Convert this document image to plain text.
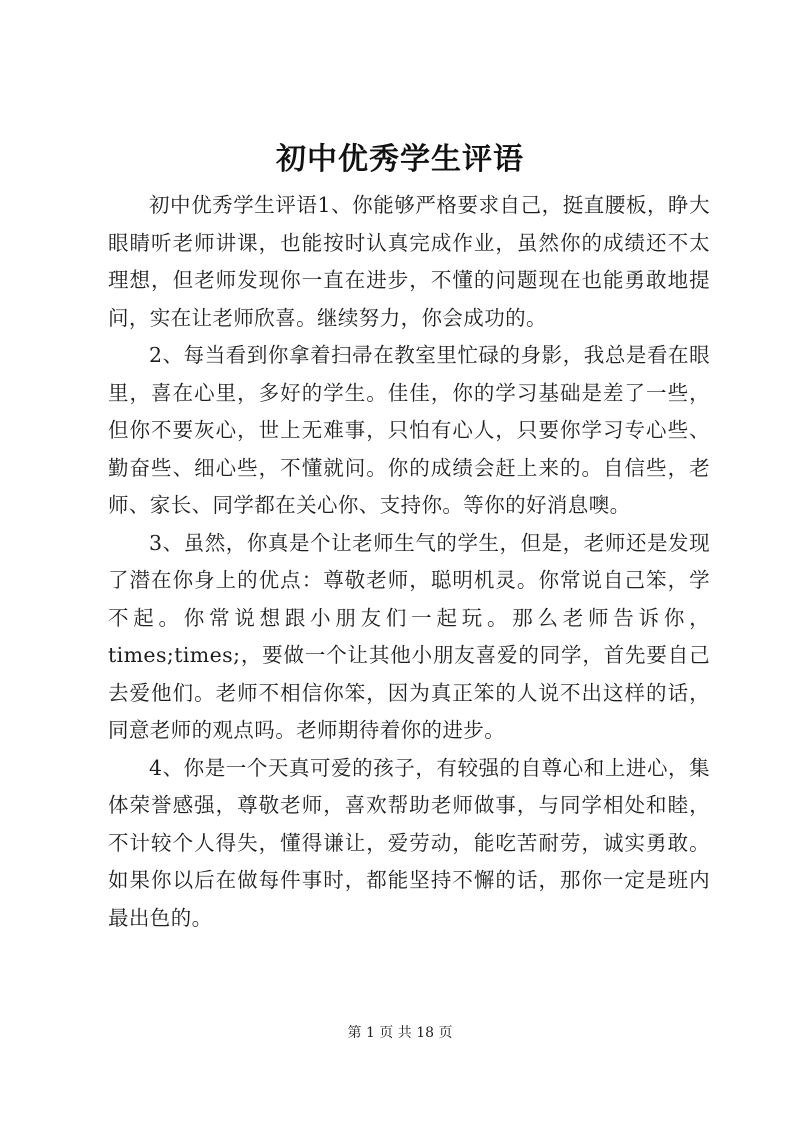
初中优秀学生评语

初中优秀学生评语1、你能够严格要求自己，挺直腰板，睁大眼睛听老师讲课，也能按时认真完成作业，虽然你的成绩还不太理想，但老师发现你一直在进步，不懂的问题现在也能勇敢地提问，实在让老师欣喜。继续努力，你会成功的。

2、每当看到你拿着扫帚在教室里忙碌的身影，我总是看在眼里，喜在心里，多好的学生。佳佳，你的学习基础是差了一些，但你不要灰心，世上无难事，只怕有心人，只要你学习专心些、勤奋些、细心些，不懂就问。你的成绩会赶上来的。自信些，老师、家长、同学都在关心你、支持你。等你的好消息噢。

3、虽然，你真是个让老师生气的学生，但是，老师还是发现了潜在你身上的优点：尊敬老师，聪明机灵。你常说自己笨，学不起。你常说想跟小朋友们一起玩。那么老师告诉你，times;times;，要做一个让其他小朋友喜爱的同学，首先要自己去爱他们。老师不相信你笨，因为真正笨的人说不出这样的话，同意老师的观点吗。老师期待着你的进步。

4、你是一个天真可爱的孩子，有较强的自尊心和上进心，集体荣誉感强，尊敬老师，喜欢帮助老师做事，与同学相处和睦，不计较个人得失，懂得谦让，爱劳动，能吃苦耐劳，诚实勇敢。如果你以后在做每件事时，都能坚持不懈的话，那你一定是班内最出色的。

第 1 页 共 18 页
